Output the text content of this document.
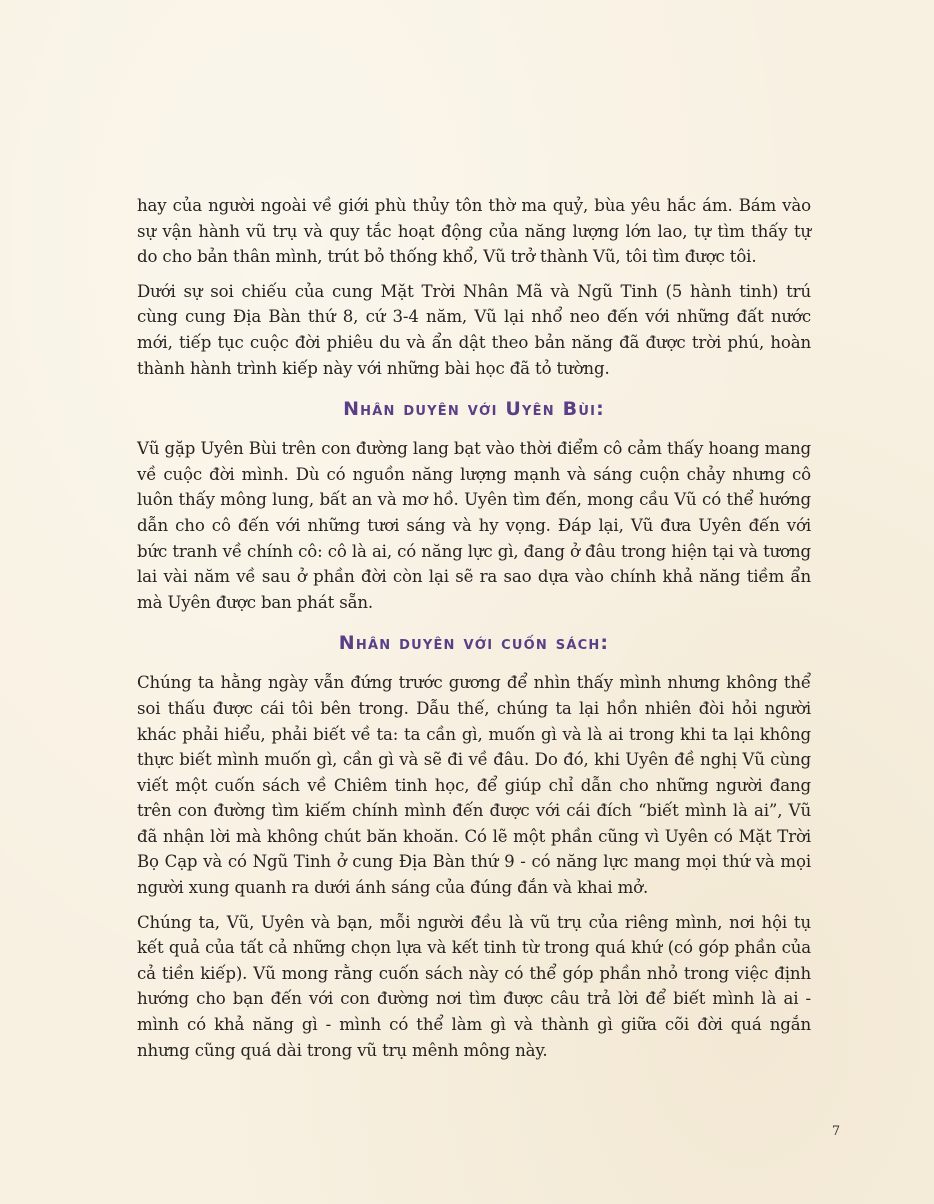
hay của người ngoài về giới phù thủy tôn thờ ma quỷ, bùa yêu hắc ám. Bám vào sự vận hành vũ trụ và quy tắc hoạt động của năng lượng lớn lao, tự tìm thấy tự do cho bản thân mình, trút bỏ thống khổ, Vũ trở thành Vũ, tôi tìm được tôi.

Dưới sự soi chiếu của cung Mặt Trời Nhân Mã và Ngũ Tinh (5 hành tinh) trú cùng cung Địa Bàn thứ 8, cứ 3-4 năm, Vũ lại nhổ neo đến với những đất nước mới, tiếp tục cuộc đời phiêu du và ẩn dật theo bản năng đã được trời phú, hoàn thành hành trình kiếp này với những bài học đã tỏ tường.

Nhân duyên với Uyên Bùi:

Vũ gặp Uyên Bùi trên con đường lang bạt vào thời điểm cô cảm thấy hoang mang về cuộc đời mình. Dù có nguồn năng lượng mạnh và sáng cuộn chảy nhưng cô luôn thấy mông lung, bất an và mơ hồ. Uyên tìm đến, mong cầu Vũ có thể hướng dẫn cho cô đến với những tươi sáng và hy vọng. Đáp lại, Vũ đưa Uyên đến với bức tranh về chính cô: cô là ai, có năng lực gì, đang ở đâu trong hiện tại và tương lai vài năm về sau ở phần đời còn lại sẽ ra sao dựa vào chính khả năng tiềm ẩn mà Uyên được ban phát sẵn.

Nhân duyên với cuốn sách:

Chúng ta hằng ngày vẫn đứng trước gương để nhìn thấy mình nhưng không thể soi thấu được cái tôi bên trong. Dẫu thế, chúng ta lại hồn nhiên đòi hỏi người khác phải hiểu, phải biết về ta: ta cần gì, muốn gì và là ai trong khi ta lại không thực biết mình muốn gì, cần gì và sẽ đi về đâu. Do đó, khi Uyên đề nghị Vũ cùng viết một cuốn sách về Chiêm tinh học, để giúp chỉ dẫn cho những người đang trên con đường tìm kiếm chính mình đến được với cái đích “biết mình là ai”, Vũ đã nhận lời mà không chút băn khoăn. Có lẽ một phần cũng vì Uyên có Mặt Trời Bọ Cạp và có Ngũ Tinh ở cung Địa Bàn thứ 9 - có năng lực mang mọi thứ và mọi người xung quanh ra dưới ánh sáng của đúng đắn và khai mở.

Chúng ta, Vũ, Uyên và bạn, mỗi người đều là vũ trụ của riêng mình, nơi hội tụ kết quả của tất cả những chọn lựa và kết tinh từ trong quá khứ (có góp phần của cả tiền kiếp). Vũ mong rằng cuốn sách này có thể góp phần nhỏ trong việc định hướng cho bạn đến với con đường nơi tìm được câu trả lời để biết mình là ai - mình có khả năng gì - mình có thể làm gì và thành gì giữa cõi đời quá ngắn nhưng cũng quá dài trong vũ trụ mênh mông này.

7
